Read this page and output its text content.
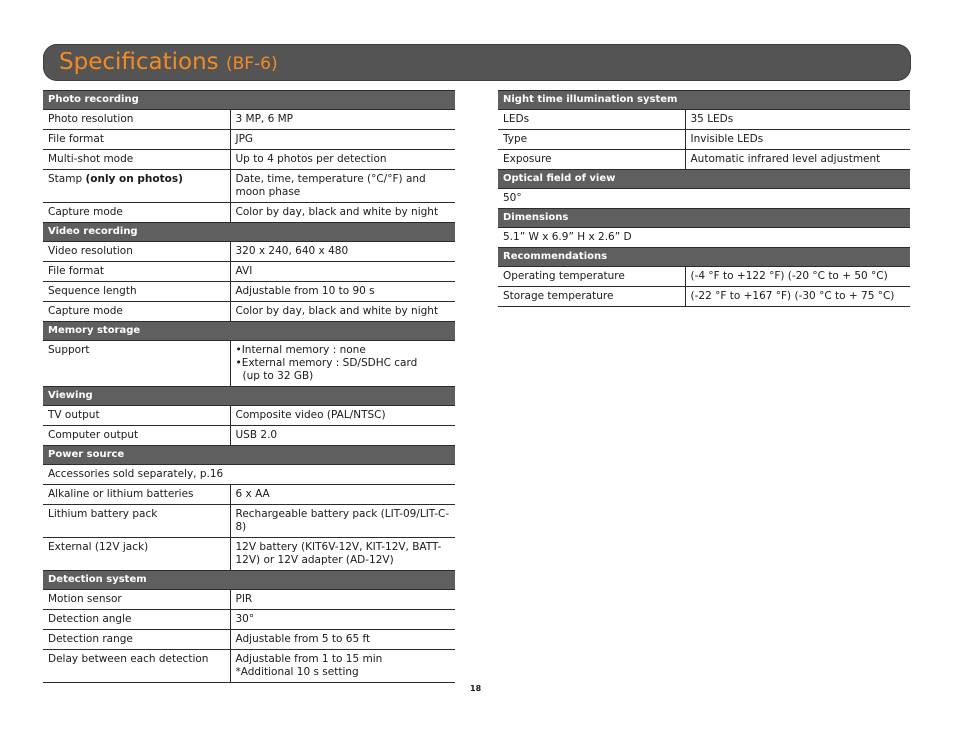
Specifications (BF-6)
Photo recording	
Photo resolution	3 MP, 6 MP
File format	JPG
Multi-shot mode	Up to 4 photos per detection
Stamp (only on photos)	Date, time, temperature (°C/°F) and moon phase
Capture mode	Color by day, black and white by night
Video recording	
Video resolution	320 x 240, 640 x 480
File format	AVI
Sequence length	Adjustable from 10 to 90 s
Capture mode	Color by day, black and white by night
Memory storage	
Support	•Internal memory : none
•External memory : SD/SDHC card
(up to 32 GB)

Viewing	
TV output	Composite video (PAL/NTSC)
Computer output	USB 2.0
Power source	
Accessories sold separately, p.16	
Alkaline or lithium batteries	6 x AA
Lithium battery pack	Rechargeable battery pack (LIT-09/LIT-C-8)
External (12V jack)	12V battery (KIT6V-12V, KIT-12V, BATT-12V) or 12V adapter (AD-12V)
Detection system	
Motion sensor	PIR
Detection angle	30°
Detection range	Adjustable from 5 to 65 ft
Delay between each detection	Adjustable from 1 to 15 min
*Additional 10 s setting
Night time illumination system	
LEDs	35 LEDs
Type	Invisible LEDs
Exposure	Automatic infrared level adjustment
Optical field of view	
50°	
Dimensions	
5.1” W x 6.9” H x 2.6” D	
Recommendations	
Operating temperature	(-4 °F to +122 °F) (-20 °C to + 50 °C)
Storage temperature	(-22 °F to +167 °F) (-30 °C to + 75 °C)
18
